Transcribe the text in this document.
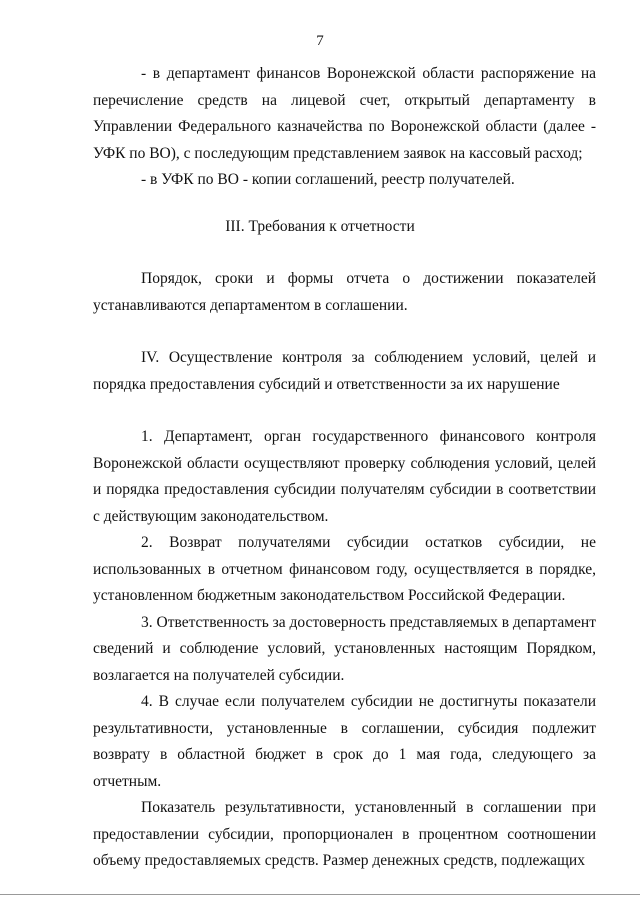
7

- в департамент финансов Воронежской области распоряжение на перечисление средств на лицевой счет, открытый департаменту в Управлении Федерального казначейства по Воронежской области (далее - УФК по ВО), с последующим представлением заявок на кассовый расход;

- в УФК по ВО - копии соглашений, реестр получателей.

III. Требования к отчетности

Порядок, сроки и формы отчета о достижении показателей устанавливаются департаментом в соглашении.

IV. Осуществление контроля за соблюдением условий, целей и порядка предоставления субсидий и ответственности за их нарушение

1. Департамент, орган государственного финансового контроля Воронежской области осуществляют проверку соблюдения условий, целей и порядка предоставления субсидии получателям субсидии в соответствии с действующим законодательством.

2. Возврат получателями субсидии остатков субсидии, не использованных в отчетном финансовом году, осуществляется в порядке, установленном бюджетным законодательством Российской Федерации.

3. Ответственность за достоверность представляемых в департамент сведений и соблюдение условий, установленных настоящим Порядком, возлагается на получателей субсидии.

4. В случае если получателем субсидии не достигнуты показатели результативности, установленные в соглашении, субсидия подлежит возврату в областной бюджет в срок до 1 мая года, следующего за отчетным.

Показатель результативности, установленный в соглашении при предоставлении субсидии, пропорционален в процентном соотношении объему предоставляемых средств. Размер денежных средств, подлежащих
